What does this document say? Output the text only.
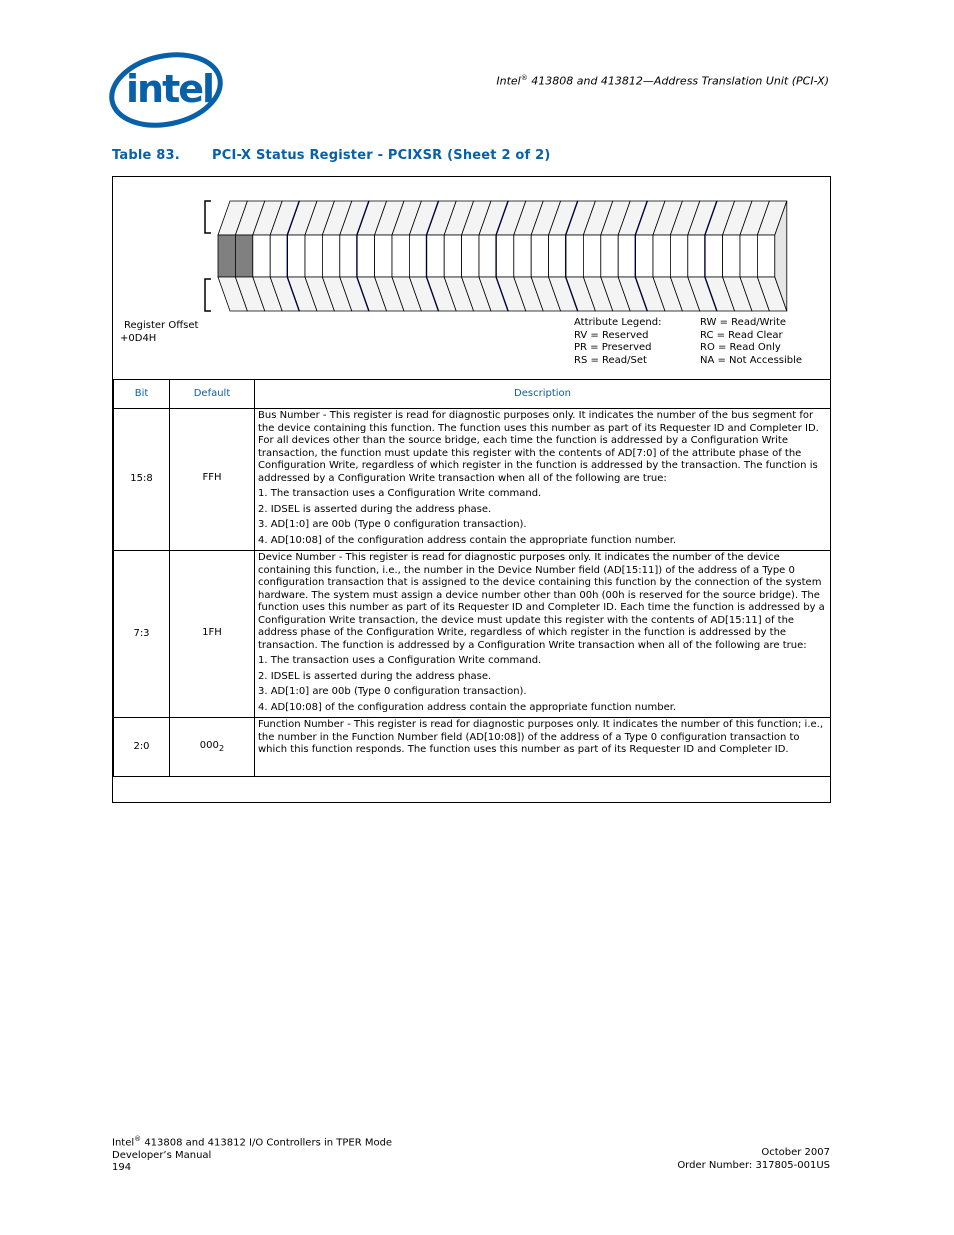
intel	Intel® 413808 and 413812—Address Translation Unit (PCI-X)
Table 83. PCI-X Status Register - PCIXSR (Sheet 2 of 2)
Register Offset
+0D4H
Attribute Legend:
RV = Reserved
PR = Preserved
RS = Read/Set
RW = Read/Write
RC = Read Clear
RO = Read Only
NA = Not Accessible
Bit	Default	Description
15:8	FFH	Bus Number - This register is read for diagnostic purposes only. It indicates the number of the bus segment for the device containing this function. The function uses this number as part of its Requester ID and Completer ID. For all devices other than the source bridge, each time the function is addressed by a Configuration Write transaction, the function must update this register with the contents of AD[7:0] of the attribute phase of the Configuration Write, regardless of which register in the function is addressed by the transaction. The function is addressed by a Configuration Write transaction when all of the following are true:

1. The transaction uses a Configuration Write command.

2. IDSEL is asserted during the address phase.

3. AD[1:0] are 00b (Type 0 configuration transaction).

4. AD[10:08] of the configuration address contain the appropriate function number.

7:3	1FH	Device Number - This register is read for diagnostic purposes only. It indicates the number of the device containing this function, i.e., the number in the Device Number field (AD[15:11]) of the address of a Type 0 configuration transaction that is assigned to the device containing this function by the connection of the system hardware. The system must assign a device number other than 00h (00h is reserved for the source bridge). The function uses this number as part of its Requester ID and Completer ID. Each time the function is addressed by a Configuration Write transaction, the device must update this register with the contents of AD[15:11] of the address phase of the Configuration Write, regardless of which register in the function is addressed by the transaction. The function is addressed by a Configuration Write transaction when all of the following are true:

1. The transaction uses a Configuration Write command.

2. IDSEL is asserted during the address phase.

3. AD[1:0] are 00b (Type 0 configuration transaction).

4. AD[10:08] of the configuration address contain the appropriate function number.

2:0	$000_2$	Function Number - This register is read for diagnostic purposes only. It indicates the number of this function; i.e., the number in the Function Number field (AD[10:08]) of the address of a Type 0 configuration transaction to which this function responds. The function uses this number as part of its Requester ID and Completer ID.

Intel® 413808 and 413812 I/O Controllers in TPER Mode
Developer’s Manual
194
October 2007
Order Number: 317805-001US
